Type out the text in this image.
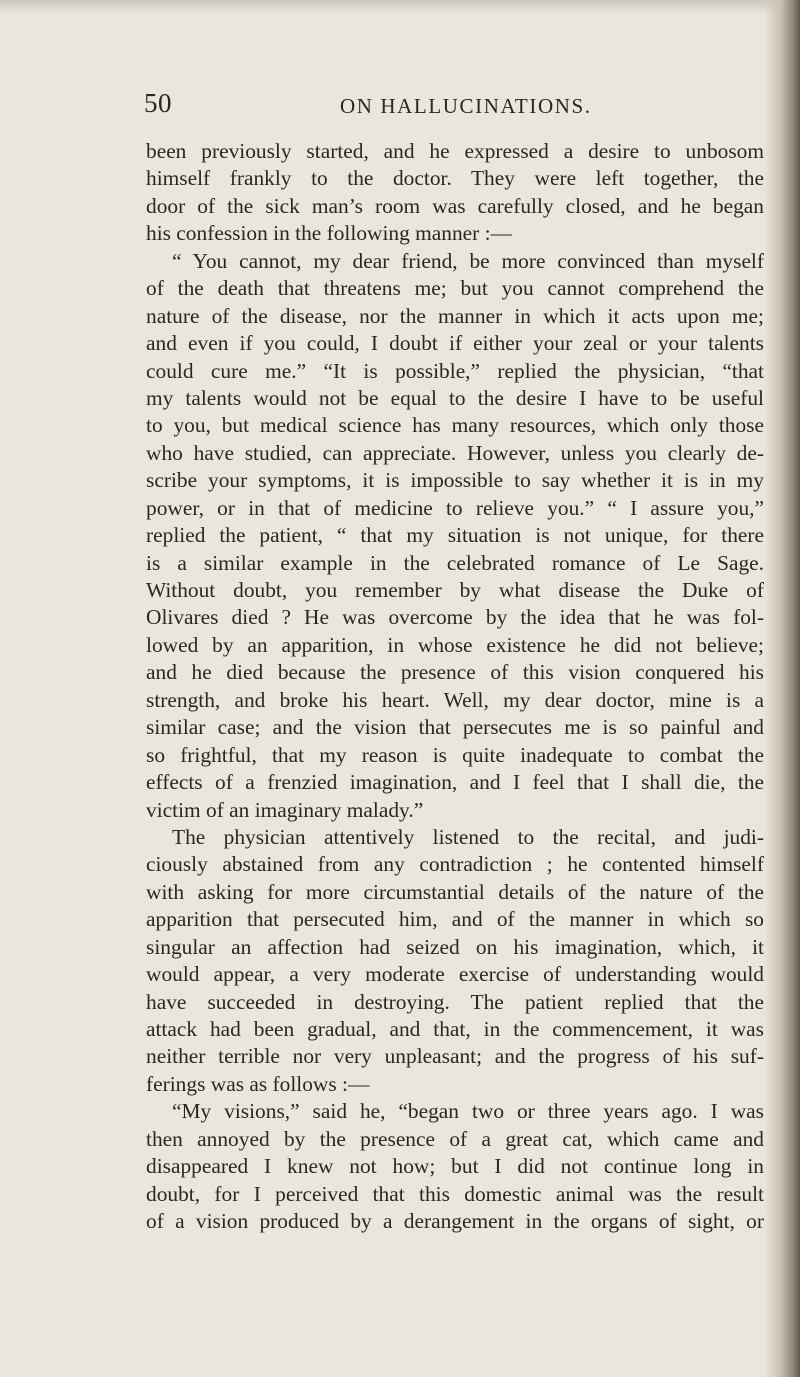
50	ON HALLUCINATIONS.
been previously started, and he expressed a desire to unbosom
himself frankly to the doctor. They were left together, the
door of the sick man’s room was carefully closed, and he began
his confession in the following manner :—
“ You cannot, my dear friend, be more convinced than myself
of the death that threatens me; but you cannot comprehend the
nature of the disease, nor the manner in which it acts upon me;
and even if you could, I doubt if either your zeal or your talents
could cure me.” “It is possible,” replied the physician, “that
my talents would not be equal to the desire I have to be useful
to you, but medical science has many resources, which only those
who have studied, can appreciate. However, unless you clearly de-
scribe your symptoms, it is impossible to say whether it is in my
power, or in that of medicine to relieve you.” “ I assure you,”
replied the patient, “ that my situation is not unique, for there
is a similar example in the celebrated romance of Le Sage.
Without doubt, you remember by what disease the Duke of
Olivares died ? He was overcome by the idea that he was fol-
lowed by an apparition, in whose existence he did not believe;
and he died because the presence of this vision conquered his
strength, and broke his heart. Well, my dear doctor, mine is a
similar case; and the vision that persecutes me is so painful and
so frightful, that my reason is quite inadequate to combat the
effects of a frenzied imagination, and I feel that I shall die, the
victim of an imaginary malady.”
The physician attentively listened to the recital, and judi-
ciously abstained from any contradiction ; he contented himself
with asking for more circumstantial details of the nature of the
apparition that persecuted him, and of the manner in which so
singular an affection had seized on his imagination, which, it
would appear, a very moderate exercise of understanding would
have succeeded in destroying. The patient replied that the
attack had been gradual, and that, in the commencement, it was
neither terrible nor very unpleasant; and the progress of his suf-
ferings was as follows :—
“My visions,” said he, “began two or three years ago. I was
then annoyed by the presence of a great cat, which came and
disappeared I knew not how; but I did not continue long in
doubt, for I perceived that this domestic animal was the result
of a vision produced by a derangement in the organs of sight, or
